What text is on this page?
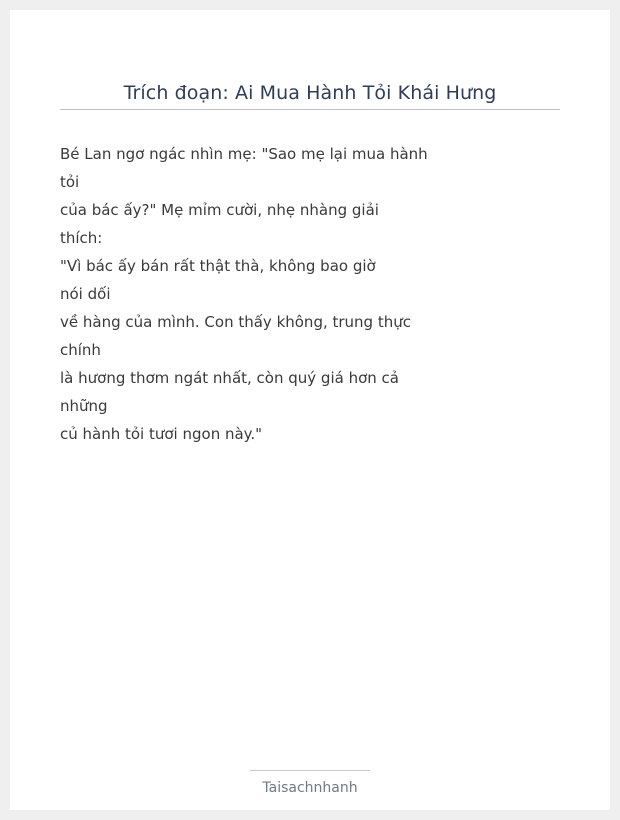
Trích đoạn: Ai Mua Hành Tỏi Khái Hưng
Bé Lan ngơ ngác nhìn mẹ: "Sao mẹ lại mua hành
tỏi
của bác ấy?" Mẹ mỉm cười, nhẹ nhàng giải
thích:
"Vì bác ấy bán rất thật thà, không bao giờ
nói dối
về hàng của mình. Con thấy không, trung thực
chính
là hương thơm ngát nhất, còn quý giá hơn cả
những
củ hành tỏi tươi ngon này."
Taisachnhanh
